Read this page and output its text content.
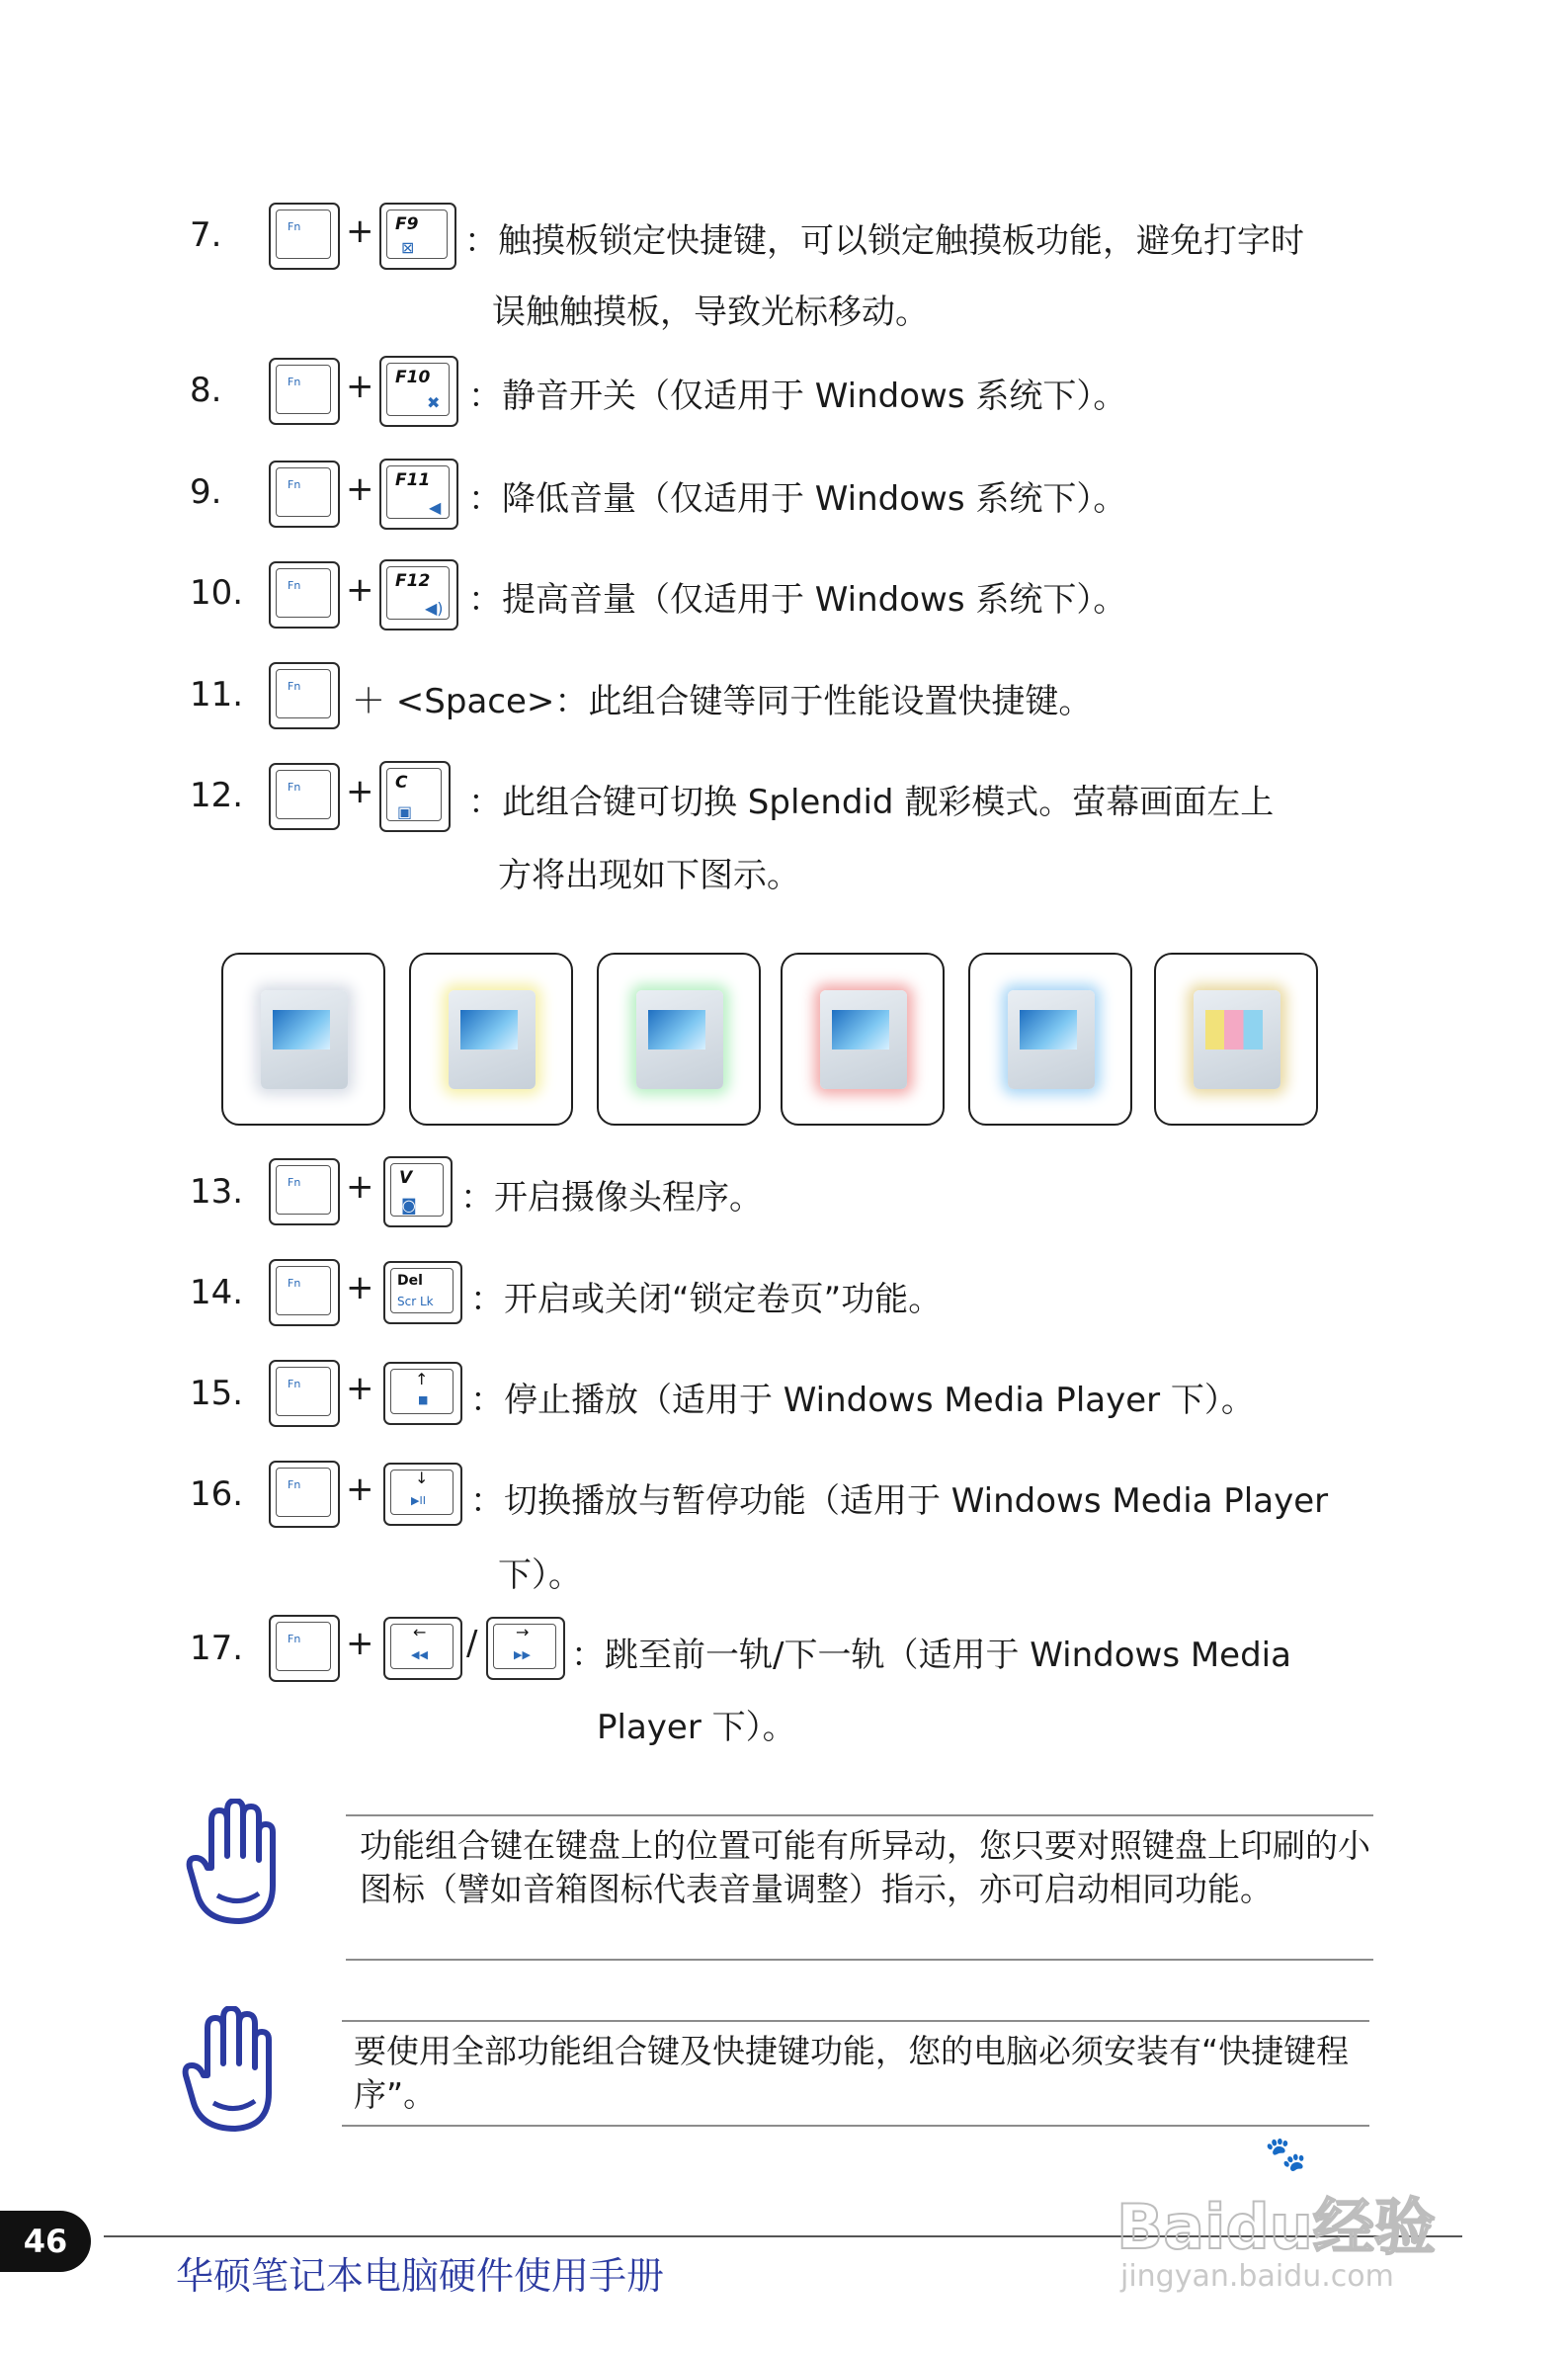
7.	Fn + F9
⊠ ：触摸板锁定快捷键，可以锁定触摸板功能，避免打字时
误触触摸板，导致光标移动。
8.	Fn + F10
✖ ：静音开关（仅适用于 Windows 系统下）。
9.	Fn + F11
◀ ：降低音量（仅适用于 Windows 系统下）。
10.	Fn + F12
◀) ：提高音量（仅适用于 Windows 系统下）。
11.	Fn ＋ <Space>：此组合键等同于性能设置快捷键。
12.	Fn + C
▣ ：此组合键可切换 Splendid 靓彩模式。萤幕画面左上
方将出现如下图示。
13.	Fn + V
◙ ：开启摄像头程序。
14.	Fn + Del
Scr Lk ：开启或关闭“锁定卷页”功能。
15.	Fn +	↑
■ ：停止播放（适用于 Windows Media Player 下）。
16.	Fn +	↓
▶II ：切换播放与暂停功能（适用于 Windows Media Player
下）。
17.	Fn + ←
◀◀ / →
▶▶ ：跳至前一轨/下一轨（适用于 Windows Media
Player 下）。
功能组合键在键盘上的位置可能有所异动，您只要对照键盘上印刷的小图标（譬如音箱图标代表音量调整）指示，亦可启动相同功能。
要使用全部功能组合键及快捷键功能，您的电脑必须安装有“快捷键程序”。
46
华硕笔记本电脑硬件使用手册
🐾
Baidu经验
jingyan.baidu.com
